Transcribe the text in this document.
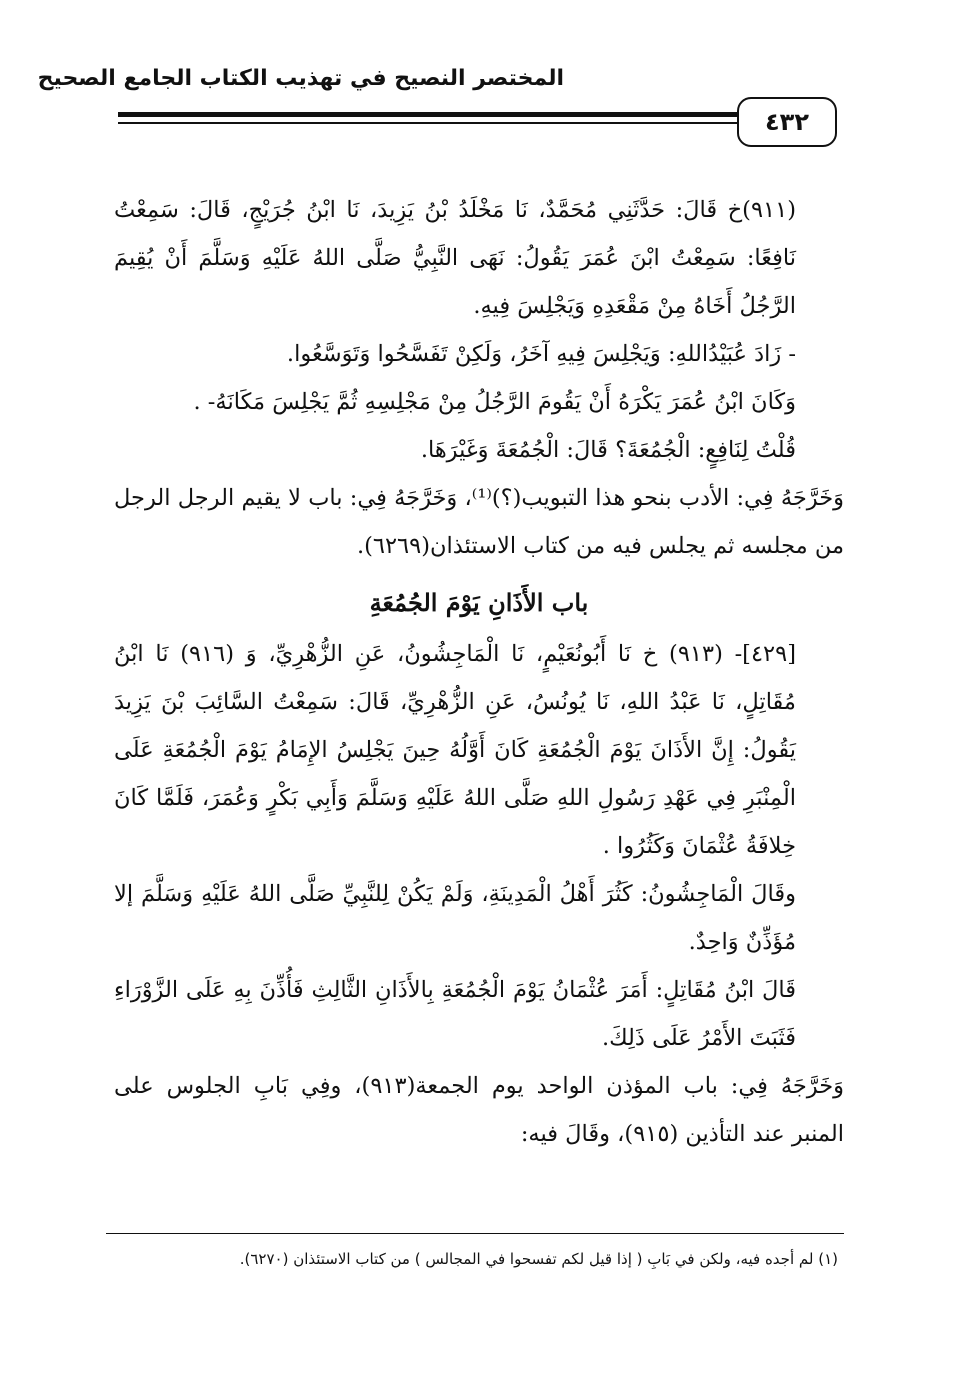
المختصر النصيح في تهذيب الكتاب الجامع الصحيح
٤٣٢

(٩١١)خ قَالَ: حَدَّثَنِي مُحَمَّدٌ، نَا مَخْلَدُ بْنُ يَزِيدَ، نَا ابْنُ جُرَيْجٍ، قَالَ: سَمِعْتُ نَافِعًا: سَمِعْتُ ابْنَ عُمَرَ يَقُولُ: نَهَى النَّبِيُّ صَلَّى اللهُ عَلَيْهِ وَسَلَّمَ أَنْ يُقِيمَ الرَّجُلُ أَخَاهُ مِنْ مَقْعَدِهِ وَيَجْلِسَ فِيهِ.

- زَادَ عُبَيْدُاللهِ: وَيَجْلِسَ فِيهِ آخَرُ، وَلَكِنْ تَفَسَّحُوا وَتَوَسَّعُوا.

وَكَانَ ابْنُ عُمَرَ يَكْرَهُ أَنْ يَقُومَ الرَّجُلُ مِنْ مَجْلِسِهِ ثُمَّ يَجْلِسَ مَكَانَهُ- .

قُلْتُ لِنَافِعٍ: الْجُمُعَةَ؟ قَالَ: الْجُمُعَةَ وَغَيْرَهَا.

وَخَرَّجَهُ فِي: الأدب بنحو هذا التبويب(؟)⁽¹⁾، وَخَرَّجَهُ فِي: باب لا يقيم الرجل الرجل من مجلسه ثم يجلس فيه من كتاب الاستئذان(٦٢٦٩).

باب الأَذَانِ يَوْمَ الجُمُعَةِ

[٤٢٩]- (٩١٣) خ نَا أَبُونُعَيْمٍ، نَا الْمَاجِشُونُ، عَنِ الزُّهْرِيِّ، وَ (٩١٦) نَا ابْنُ مُقَاتِلٍ، نَا عَبْدُ اللهِ، نَا يُونُسُ، عَنِ الزُّهْرِيِّ، قَالَ: سَمِعْتُ السَّائِبَ بْنَ يَزِيدَ يَقُولُ: إِنَّ الأَذَانَ يَوْمَ الْجُمُعَةِ كَانَ أَوَّلُهُ حِينَ يَجْلِسُ الإِمَامُ يَوْمَ الْجُمُعَةِ عَلَى الْمِنْبَرِ فِي عَهْدِ رَسُولِ اللهِ صَلَّى اللهُ عَلَيْهِ وَسَلَّمَ وَأَبِي بَكْرٍ وَعُمَرَ، فَلَمَّا كَانَ خِلافَةُ عُثْمَانَ وَكَثُرُوا .

وقَالَ الْمَاجِشُونُ: كَثُرَ أَهْلُ الْمَدِينَةِ، وَلَمْ يَكُنْ لِلنَّبِيِّ صَلَّى اللهُ عَلَيْهِ وَسَلَّمَ إلا مُؤَذِّنٌ وَاحِدٌ.

قَالَ ابْنُ مُقَاتِلٍ: أَمَرَ عُثْمَانُ يَوْمَ الْجُمُعَةِ بِالأَذَانِ الثَّالِثِ فَأُذِّنَ بِهِ عَلَى الزَّوْرَاءِ فَثَبَتَ الأَمْرُ عَلَى ذَلِكَ.

وَخَرَّجَهُ فِي: باب المؤذن الواحد يوم الجمعة(٩١٣)، وفِي بَابِ الجلوس على المنبر عند التأذين (٩١٥)، وقَالَ فيه:

(١) لم أجده فيه، ولكن في بَابِ ( إذا قيل لكم تفسحوا في المجالس ) من كتاب الاستئذان (٦٢٧٠).
